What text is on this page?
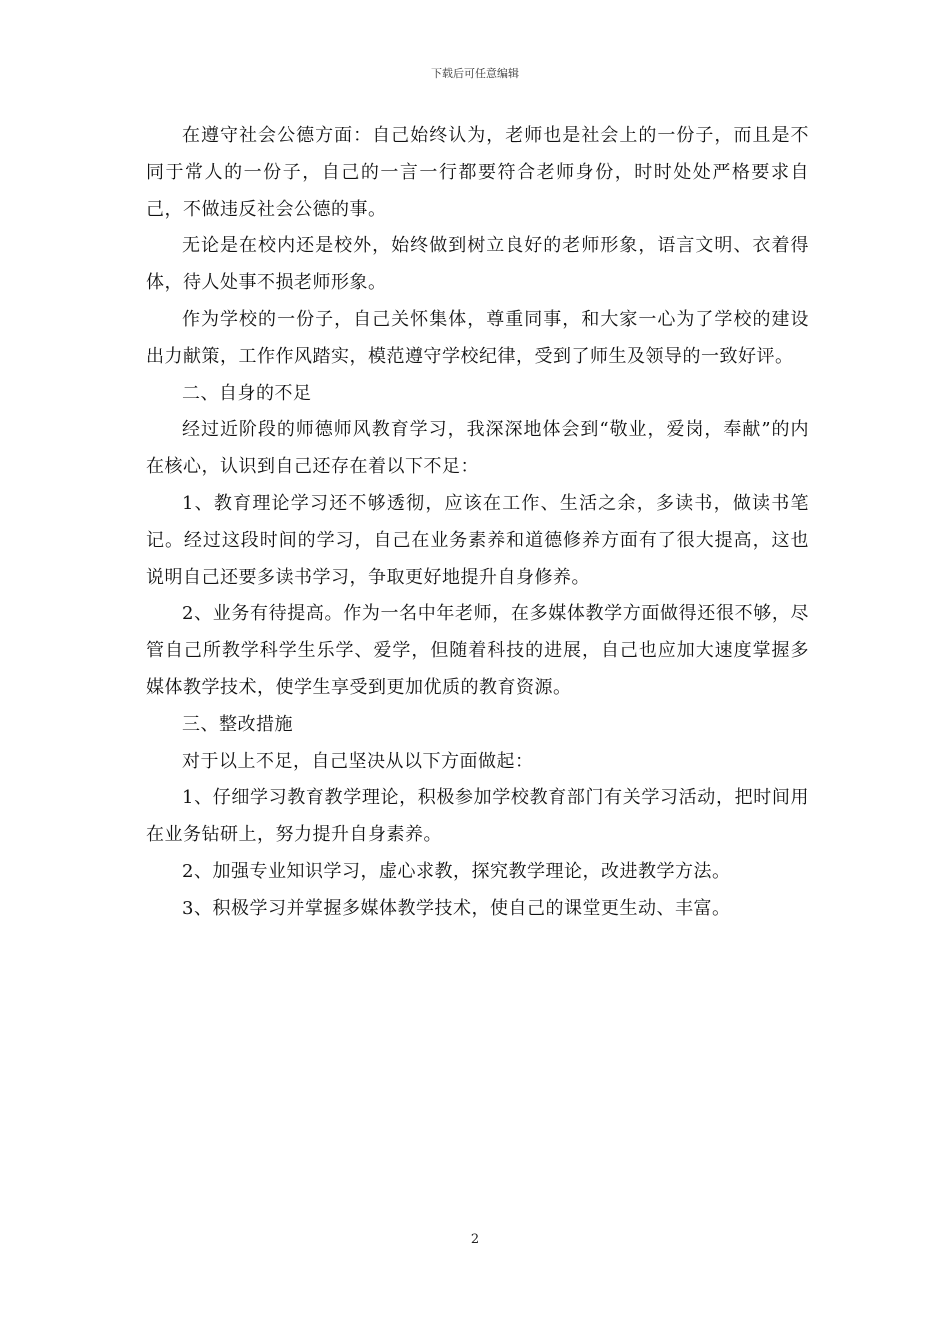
下载后可任意编辑

在遵守社会公德方面：自己始终认为，老师也是社会上的一份子，而且是不同于常人的一份子，自己的一言一行都要符合老师身份，时时处处严格要求自己，不做违反社会公德的事。

无论是在校内还是校外，始终做到树立良好的老师形象，语言文明、衣着得体，待人处事不损老师形象。

作为学校的一份子，自己关怀集体，尊重同事，和大家一心为了学校的建设出力献策，工作作风踏实，模范遵守学校纪律，受到了师生及领导的一致好评。

二、自身的不足

经过近阶段的师德师风教育学习，我深深地体会到“敬业，爱岗，奉献”的内在核心，认识到自己还存在着以下不足：

1、教育理论学习还不够透彻，应该在工作、生活之余，多读书，做读书笔记。经过这段时间的学习，自己在业务素养和道德修养方面有了很大提高，这也说明自己还要多读书学习，争取更好地提升自身修养。

2、业务有待提高。作为一名中年老师，在多媒体教学方面做得还很不够，尽管自己所教学科学生乐学、爱学，但随着科技的进展，自己也应加大速度掌握多媒体教学技术，使学生享受到更加优质的教育资源。

三、整改措施

对于以上不足，自己坚决从以下方面做起：

1、仔细学习教育教学理论，积极参加学校教育部门有关学习活动，把时间用在业务钻研上，努力提升自身素养。

2、加强专业知识学习，虚心求教，探究教学理论，改进教学方法。

3、积极学习并掌握多媒体教学技术，使自己的课堂更生动、丰富。

2
